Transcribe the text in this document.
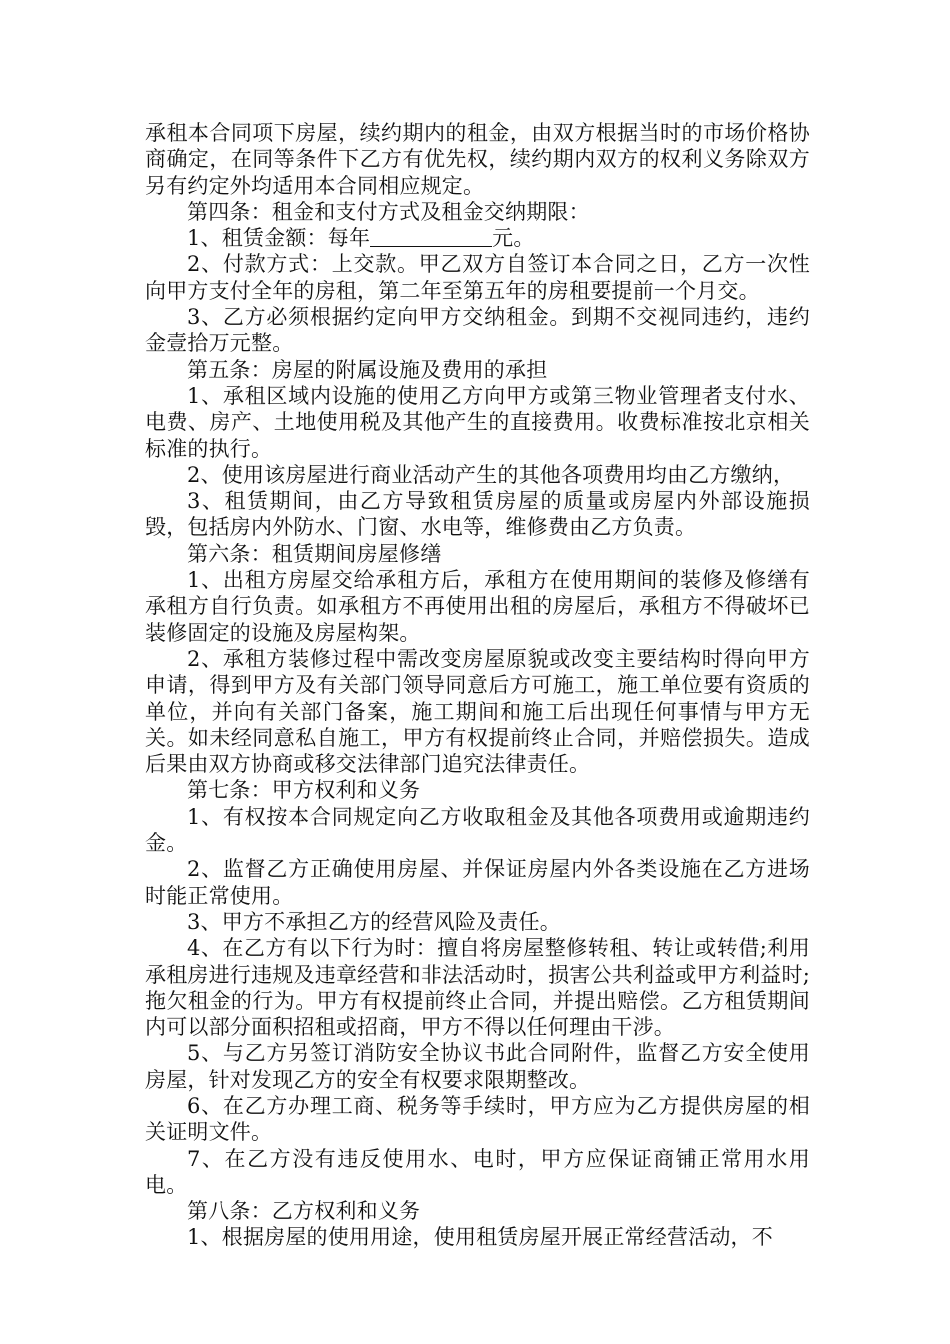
承租本合同项下房屋，续约期内的租金，由双方根据当时的市场价格协商确定，在同等条件下乙方有优先权，续约期内双方的权利义务除双方另有约定外均适用本合同相应规定。

第四条：租金和支付方式及租金交纳期限：

1、租赁金额：每年	元。

2、付款方式：上交款。甲乙双方自签订本合同之日，乙方一次性向甲方支付全年的房租，第二年至第五年的房租要提前一个月交。

3、乙方必须根据约定向甲方交纳租金。到期不交视同违约，违约金壹拾万元整。

第五条：房屋的附属设施及费用的承担

1、承租区域内设施的使用乙方向甲方或第三物业管理者支付水、电费、房产、土地使用税及其他产生的直接费用。收费标准按北京相关标准的执行。

2、使用该房屋进行商业活动产生的其他各项费用均由乙方缴纳，

3、租赁期间，由乙方导致租赁房屋的质量或房屋内外部设施损毁，包括房内外防水、门窗、水电等，维修费由乙方负责。

第六条：租赁期间房屋修缮

1、出租方房屋交给承租方后，承租方在使用期间的装修及修缮有承租方自行负责。如承租方不再使用出租的房屋后，承租方不得破坏已装修固定的设施及房屋构架。

2、承租方装修过程中需改变房屋原貌或改变主要结构时得向甲方申请，得到甲方及有关部门领导同意后方可施工，施工单位要有资质的单位，并向有关部门备案，施工期间和施工后出现任何事情与甲方无关。如未经同意私自施工，甲方有权提前终止合同，并赔偿损失。造成后果由双方协商或移交法律部门追究法律责任。

第七条：甲方权利和义务

1、有权按本合同规定向乙方收取租金及其他各项费用或逾期违约金。

2、监督乙方正确使用房屋、并保证房屋内外各类设施在乙方进场时能正常使用。

3、甲方不承担乙方的经营风险及责任。

4、在乙方有以下行为时：擅自将房屋整修转租、转让或转借;利用承租房进行违规及违章经营和非法活动时，损害公共利益或甲方利益时;拖欠租金的行为。甲方有权提前终止合同，并提出赔偿。乙方租赁期间内可以部分面积招租或招商，甲方不得以任何理由干涉。

5、与乙方另签订消防安全协议书此合同附件，监督乙方安全使用房屋，针对发现乙方的安全有权要求限期整改。

6、在乙方办理工商、税务等手续时，甲方应为乙方提供房屋的相关证明文件。

7、在乙方没有违反使用水、电时，甲方应保证商铺正常用水用电。

第八条：乙方权利和义务

1、根据房屋的使用用途，使用租赁房屋开展正常经营活动，不
